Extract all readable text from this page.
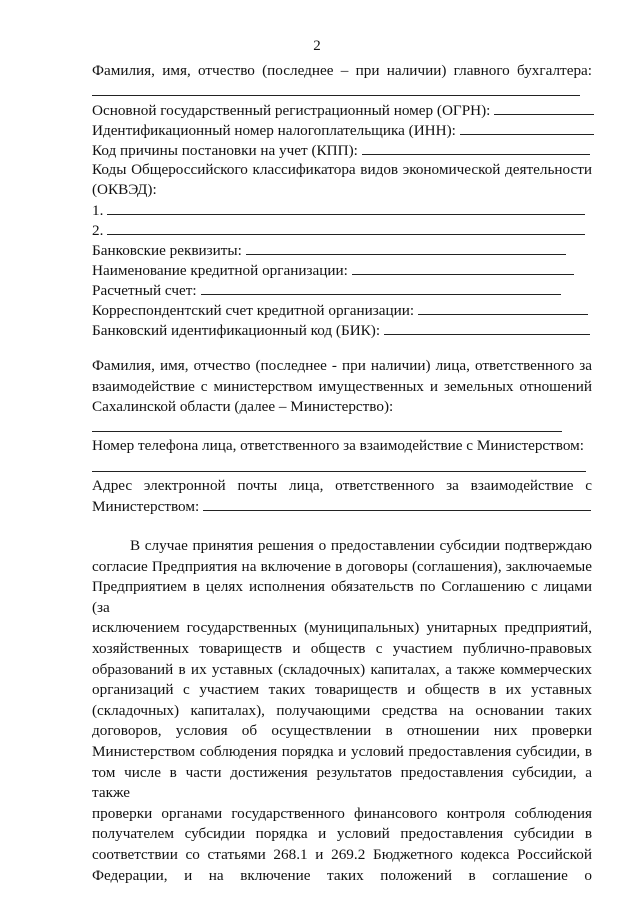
2
Фамилия, имя, отчество (последнее – при наличии) главного бухгалтера:
Основной государственный регистрационный номер (ОГРН):
Идентификационный номер налогоплательщика (ИНН):
Код причины постановки на учет (КПП):
Коды Общероссийского классификатора видов экономической деятельности
(ОКВЭД):
1.
2.
Банковские реквизиты:
Наименование кредитной организации:
Расчетный счет:
Корреспондентский счет кредитной организации:
Банковский идентификационный код (БИК):
Фамилия, имя, отчество (последнее - при наличии) лица, ответственного за
взаимодействие с министерством имущественных и земельных отношений
Сахалинской области (далее – Министерство):
Номер телефона лица, ответственного за взаимодействие с Министерством:
Адрес электронной почты лица, ответственного за взаимодействие с
Министерством:
В случае принятия решения о предоставлении субсидии подтверждаю
согласие Предприятия на включение в договоры (соглашения), заключаемые
Предприятием в целях исполнения обязательств по Соглашению с лицами (за
исключением государственных (муниципальных) унитарных предприятий,
хозяйственных товариществ и обществ с участием публично-правовых
образований в их уставных (складочных) капиталах, а также коммерческих
организаций с участием таких товариществ и обществ в их уставных
(складочных) капиталах), получающими средства на основании таких
договоров, условия об осуществлении в отношении них проверки
Министерством соблюдения порядка и условий предоставления субсидии, в
том числе в части достижения результатов предоставления субсидии, а также
проверки органами государственного финансового контроля соблюдения
получателем субсидии порядка и условий предоставления субсидии в
соответствии со статьями 268.1 и 269.2 Бюджетного кодекса Российской
Федерации, и на включение таких положений в соглашение о
